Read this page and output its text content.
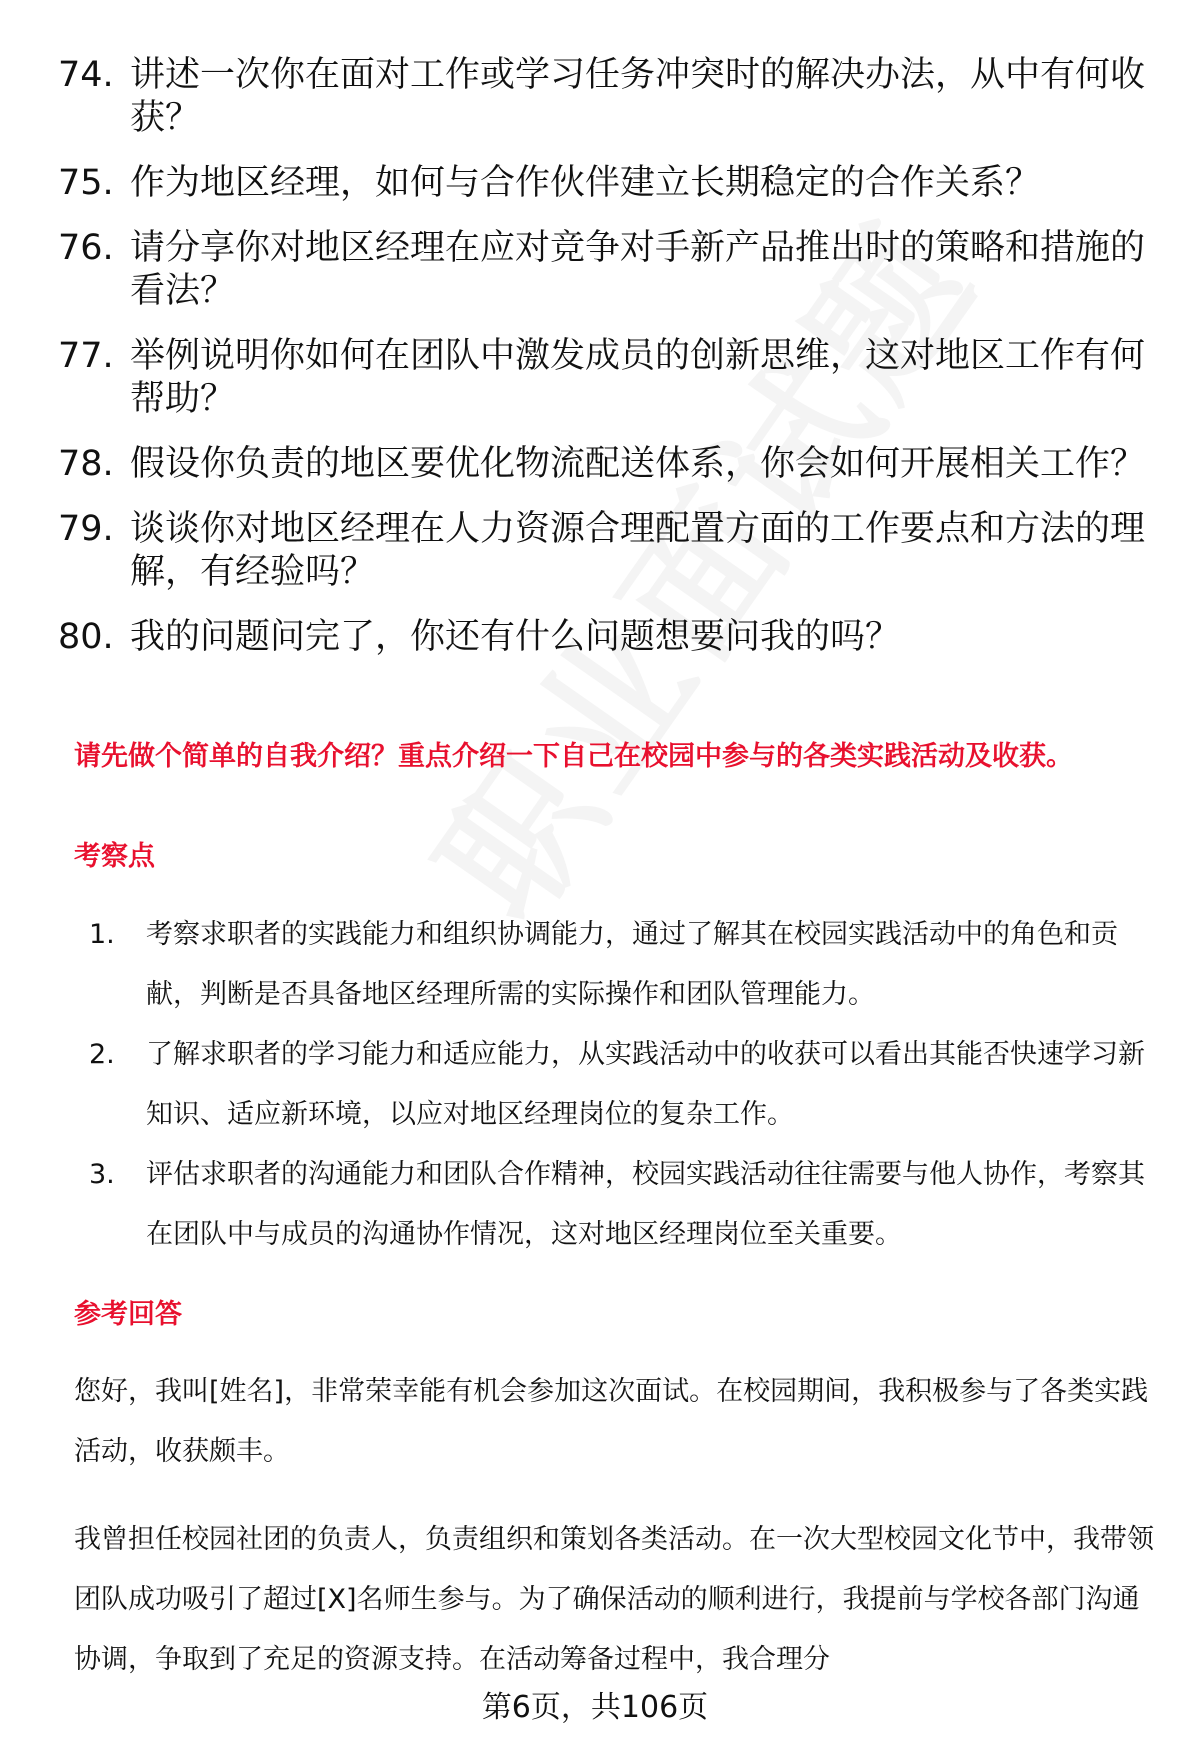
74. 讲述一次你在面对工作或学习任务冲突时的解决办法，从中有何收获？
75. 作为地区经理，如何与合作伙伴建立长期稳定的合作关系？
76. 请分享你对地区经理在应对竞争对手新产品推出时的策略和措施的看法？
77. 举例说明你如何在团队中激发成员的创新思维，这对地区工作有何帮助？
78. 假设你负责的地区要优化物流配送体系，你会如何开展相关工作？
79. 谈谈你对地区经理在人力资源合理配置方面的工作要点和方法的理解，有经验吗？
80. 我的问题问完了，你还有什么问题想要问我的吗？
请先做个简单的自我介绍？重点介绍一下自己在校园中参与的各类实践活动及收获。
考察点
1.	考察求职者的实践能力和组织协调能力，通过了解其在校园实践活动中的角色和贡献，判断是否具备地区经理所需的实际操作和团队管理能力。
2.	了解求职者的学习能力和适应能力，从实践活动中的收获可以看出其能否快速学习新知识、适应新环境，以应对地区经理岗位的复杂工作。
3.	评估求职者的沟通能力和团队合作精神，校园实践活动往往需要与他人协作，考察其在团队中与成员的沟通协作情况，这对地区经理岗位至关重要。
参考回答
您好，我叫[姓名]，非常荣幸能有机会参加这次面试。在校园期间，我积极参与了各类实践活动，收获颇丰。
我曾担任校园社团的负责人，负责组织和策划各类活动。在一次大型校园文化节中，我带领团队成功吸引了超过[X]名师生参与。为了确保活动的顺利进行，我提前与学校各部门沟通协调，争取到了充足的资源支持。在活动筹备过程中，我合理分
第6页，共106页
